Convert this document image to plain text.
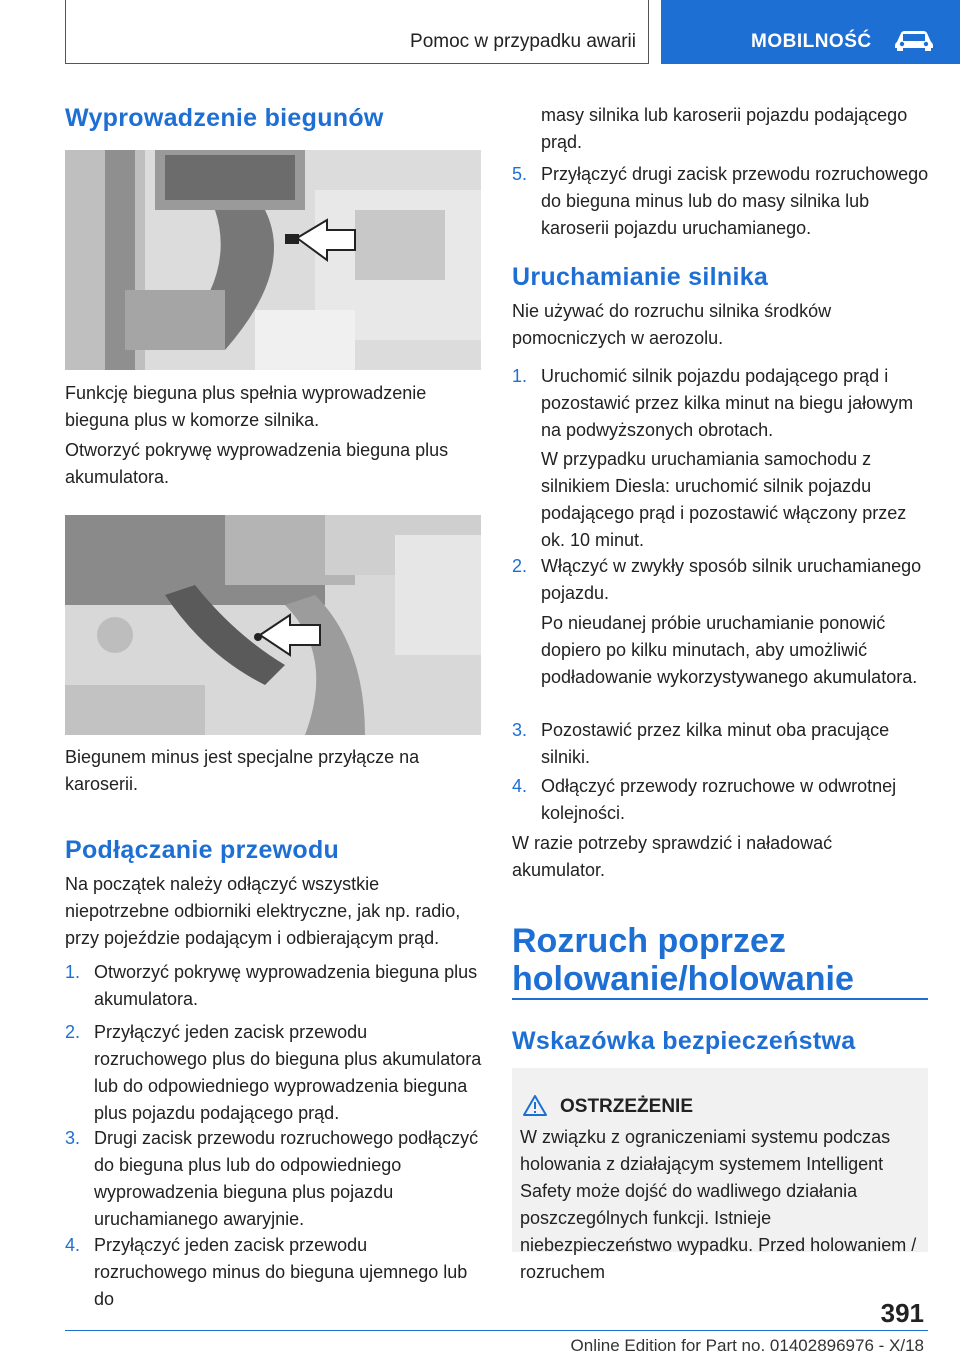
Pomoc w przypadku awarii	MOBILNOŚĆ
Wyprowadzenie biegunów
Funkcję bieguna plus spełnia wyprowadzenie bieguna plus w komorze silnika.
Otworzyć pokrywę wyprowadzenia bieguna plus akumulatora.
Biegunem minus jest specjalne przyłącze na karoserii.
Podłączanie przewodu
Na początek należy odłączyć wszystkie niepotrzebne odbiorniki elektryczne, jak np. radio, przy pojeździe podającym i odbierającym prąd.
1. Otworzyć pokrywę wyprowadzenia bieguna plus akumulatora.
2. Przyłączyć jeden zacisk przewodu rozruchowego plus do bieguna plus akumulatora lub do odpowiedniego wyprowadzenia bieguna plus pojazdu podającego prąd.
3. Drugi zacisk przewodu rozruchowego podłączyć do bieguna plus lub do odpowiedniego wyprowadzenia bieguna plus pojazdu uruchamianego awaryjnie.
4. Przyłączyć jeden zacisk przewodu rozruchowego minus do bieguna ujemnego lub do
masy silnika lub karoserii pojazdu podającego prąd.
5. Przyłączyć drugi zacisk przewodu rozruchowego do bieguna minus lub do masy silnika lub karoserii pojazdu uruchamianego.
Uruchamianie silnika
Nie używać do rozruchu silnika środków pomocniczych w aerozolu.
1. Uruchomić silnik pojazdu podającego prąd i pozostawić przez kilka minut na biegu jałowym na podwyższonych obrotach.
W przypadku uruchamiania samochodu z silnikiem Diesla: uruchomić silnik pojazdu podającego prąd i pozostawić włączony przez ok. 10 minut.
2. Włączyć w zwykły sposób silnik uruchamianego pojazdu.
Po nieudanej próbie uruchamianie ponowić dopiero po kilku minutach, aby umożliwić podładowanie wykorzystywanego akumulatora.
3. Pozostawić przez kilka minut oba pracujące silniki.
4. Odłączyć przewody rozruchowe w odwrotnej kolejności.
W razie potrzeby sprawdzić i naładować akumulator.
Rozruch poprzez holowanie/holowanie
Wskazówka bezpieczeństwa
OSTRZEŻENIE
W związku z ograniczeniami systemu podczas holowania z działającym systemem Intelligent Safety może dojść do wadliwego działania poszczególnych funkcji. Istnieje niebezpieczeństwo wypadku. Przed holowaniem / rozruchem
391
Online Edition for Part no. 01402896976 - X/18
